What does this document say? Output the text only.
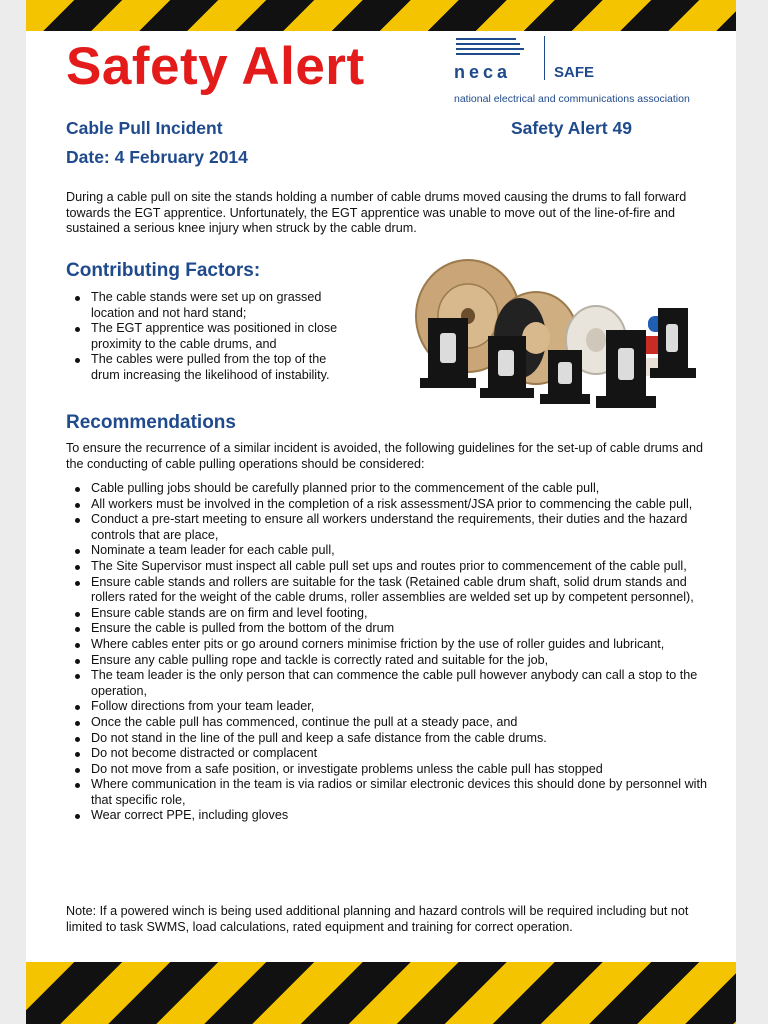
Safety Alert	neca	SAFE
national electrical and communications association
Cable Pull Incident	Safety Alert 49
Date: 4 February 2014
During a cable pull on site the stands holding a number of cable drums moved causing the drums to fall forward towards the EGT apprentice. Unfortunately, the EGT apprentice was unable to move out of the line-of-fire and sustained a serious knee injury when struck by the cable drum.
Contributing Factors:
The cable stands were set up on grassed location and not hard stand;
The EGT apprentice was positioned in close proximity to the cable drums, and
The cables were pulled from the top of the drum increasing the likelihood of instability.
Recommendations
To ensure the recurrence of a similar incident is avoided, the following guidelines for the set-up of cable drums and the conducting of cable pulling operations should be considered:
Cable pulling jobs should be carefully planned prior to the commencement of the cable pull,
All workers must be involved in the completion of a risk assessment/JSA prior to commencing the cable pull,
Conduct a pre-start meeting to ensure all workers understand the requirements, their duties and the hazard controls that are place,
Nominate a team leader for each cable pull,
The Site Supervisor must inspect all cable pull set ups and routes prior to commencement of the cable pull,
Ensure cable stands and rollers are suitable for the task (Retained cable drum shaft, solid drum stands and rollers rated for the weight of the cable drums, roller assemblies are welded set up by competent personnel),
Ensure cable stands are on firm and level footing,
Ensure the cable is pulled from the bottom of the drum
Where cables enter pits or go around corners minimise friction by the use of roller guides and lubricant,
Ensure any cable pulling rope and tackle is correctly rated and suitable for the job,
The team leader is the only person that can commence the cable pull however anybody can call a stop to the operation,
Follow directions from your team leader,
Once the cable pull has commenced, continue the pull at a steady pace, and
Do not stand in the line of the pull and keep a safe distance from the cable drums.
Do not become distracted or complacent
Do not move from a safe position, or investigate problems unless the cable pull has stopped
Where communication in the team is via radios or similar electronic devices this should done by personnel with that specific role,
Wear correct PPE, including gloves
Note: If a powered winch is being used additional planning and hazard controls will be required including but not limited to task SWMS, load calculations, rated equipment and training for correct operation.
